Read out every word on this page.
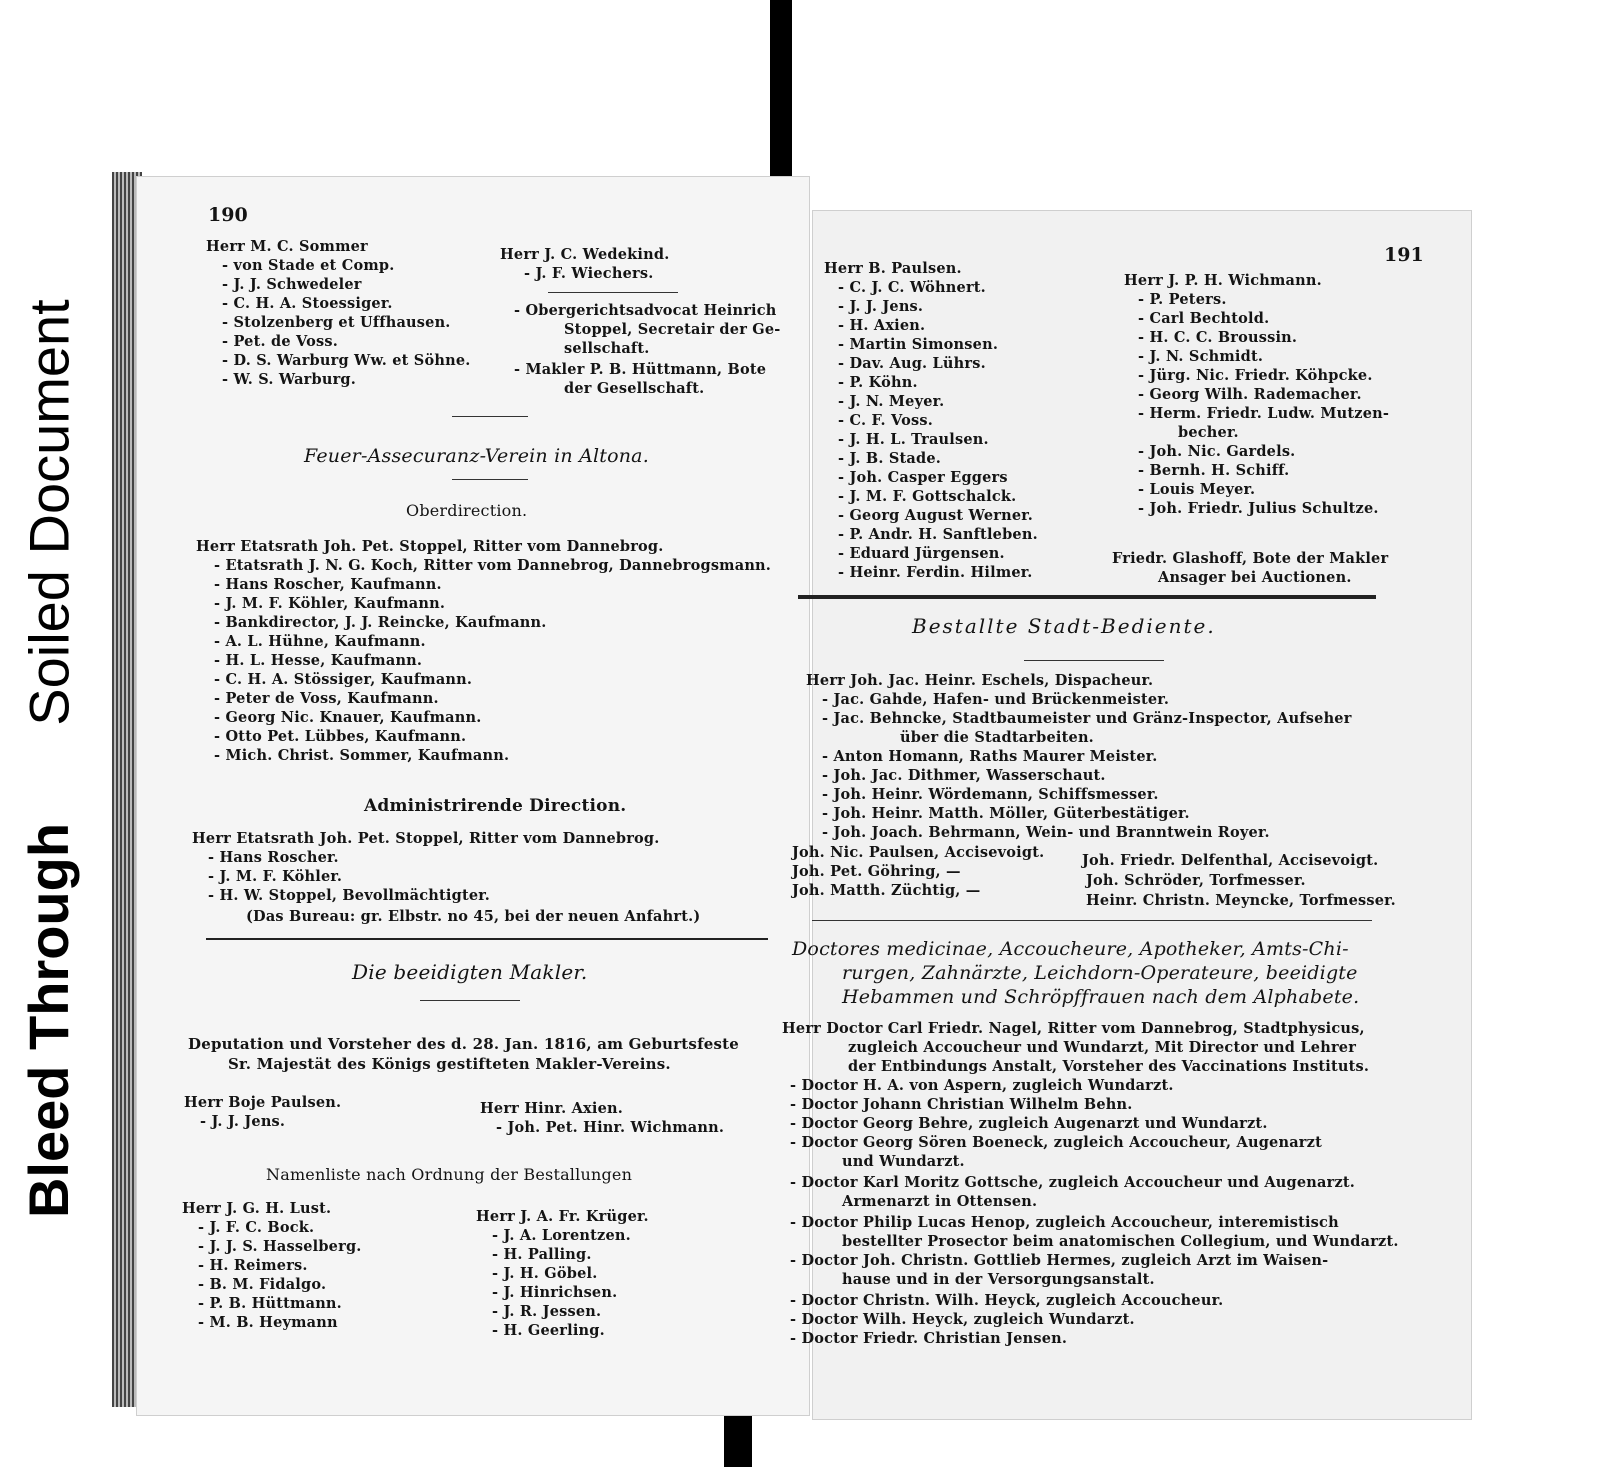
Soiled Document
Bleed Through
190
Herr M. C. Sommer
- von Stade et Comp.
- J. J. Schwedeler
- C. H. A. Stoessiger.
- Stolzenberg et Uffhausen.
- Pet. de Voss.
- D. S. Warburg Ww. et Söhne.
- W. S. Warburg.
Herr J. C. Wedekind.
- J. F. Wiechers.
- Obergerichtsadvocat Heinrich
Stoppel, Secretair der Ge-
sellschaft.
- Makler P. B. Hüttmann, Bote
der Gesellschaft.
Feuer-Assecuranz-Verein in Altona.
Oberdirection.
Herr Etatsrath Joh. Pet. Stoppel, Ritter vom Dannebrog.
- Etatsrath J. N. G. Koch, Ritter vom Dannebrog, Dannebrogsmann.
- Hans Roscher, Kaufmann.
- J. M. F. Köhler, Kaufmann.
- Bankdirector, J. J. Reincke, Kaufmann.
- A. L. Hühne, Kaufmann.
- H. L. Hesse, Kaufmann.
- C. H. A. Stössiger, Kaufmann.
- Peter de Voss, Kaufmann.
- Georg Nic. Knauer, Kaufmann.
- Otto Pet. Lübbes, Kaufmann.
- Mich. Christ. Sommer, Kaufmann.
Administrirende Direction.
Herr Etatsrath Joh. Pet. Stoppel, Ritter vom Dannebrog.
- Hans Roscher.
- J. M. F. Köhler.
- H. W. Stoppel, Bevollmächtigter.
(Das Bureau: gr. Elbstr. no 45, bei der neuen Anfahrt.)
Die beeidigten Makler.
Deputation und Vorsteher des d. 28. Jan. 1816, am Geburtsfeste
Sr. Majestät des Königs gestifteten Makler-Vereins.
Herr Boje Paulsen.
- J. J. Jens.
Herr Hinr. Axien.
- Joh. Pet. Hinr. Wichmann.
Namenliste nach Ordnung der Bestallungen
Herr J. G. H. Lust.
- J. F. C. Bock.
- J. J. S. Hasselberg.
- H. Reimers.
- B. M. Fidalgo.
- P. B. Hüttmann.
- M. B. Heymann
Herr J. A. Fr. Krüger.
- J. A. Lorentzen.
- H. Palling.
- J. H. Göbel.
- J. Hinrichsen.
- J. R. Jessen.
- H. Geerling.
191
Herr B. Paulsen.
- C. J. C. Wöhnert.
- J. J. Jens.
- H. Axien.
- Martin Simonsen.
- Dav. Aug. Lührs.
- P. Köhn.
- J. N. Meyer.
- C. F. Voss.
- J. H. L. Traulsen.
- J. B. Stade.
- Joh. Casper Eggers
- J. M. F. Gottschalck.
- Georg August Werner.
- P. Andr. H. Sanftleben.
- Eduard Jürgensen.
- Heinr. Ferdin. Hilmer.
Herr J. P. H. Wichmann.
- P. Peters.
- Carl Bechtold.
- H. C. C. Broussin.
- J. N. Schmidt.
- Jürg. Nic. Friedr. Köhpcke.
- Georg Wilh. Rademacher.
- Herm. Friedr. Ludw. Mutzen-
becher.
- Joh. Nic. Gardels.
- Bernh. H. Schiff.
- Louis Meyer.
- Joh. Friedr. Julius Schultze.
Friedr. Glashoff, Bote der Makler
Ansager bei Auctionen.
Bestallte Stadt-Bediente.
Herr Joh. Jac. Heinr. Eschels, Dispacheur.
- Jac. Gahde, Hafen- und Brückenmeister.
- Jac. Behncke, Stadtbaumeister und Gränz-Inspector, Aufseher
über die Stadtarbeiten.
- Anton Homann, Raths Maurer Meister.
- Joh. Jac. Dithmer, Wasserschaut.
- Joh. Heinr. Wördemann, Schiffsmesser.
- Joh. Heinr. Matth. Möller, Güterbestätiger.
- Joh. Joach. Behrmann, Wein- und Branntwein Royer.
Joh. Nic. Paulsen, Accisevoigt.
Joh. Pet. Göhring, —
Joh. Matth. Züchtig, —
Joh. Friedr. Delfenthal, Accisevoigt.
Joh. Schröder, Torfmesser.
Heinr. Christn. Meyncke, Torfmesser.
Doctores medicinae, Accoucheure, Apotheker, Amts-Chi-
rurgen, Zahnärzte, Leichdorn-Operateure, beeidigte
Hebammen und Schröpffrauen nach dem Alphabete.
Herr Doctor Carl Friedr. Nagel, Ritter vom Dannebrog, Stadtphysicus,
zugleich Accoucheur und Wundarzt, Mit Director und Lehrer
der Entbindungs Anstalt, Vorsteher des Vaccinations Instituts.
- Doctor H. A. von Aspern, zugleich Wundarzt.
- Doctor Johann Christian Wilhelm Behn.
- Doctor Georg Behre, zugleich Augenarzt und Wundarzt.
- Doctor Georg Sören Boeneck, zugleich Accoucheur, Augenarzt
und Wundarzt.
- Doctor Karl Moritz Gottsche, zugleich Accoucheur und Augenarzt.
Armenarzt in Ottensen.
- Doctor Philip Lucas Henop, zugleich Accoucheur, interemistisch
bestellter Prosector beim anatomischen Collegium, und Wundarzt.
- Doctor Joh. Christn. Gottlieb Hermes, zugleich Arzt im Waisen-
hause und in der Versorgungsanstalt.
- Doctor Christn. Wilh. Heyck, zugleich Accoucheur.
- Doctor Wilh. Heyck, zugleich Wundarzt.
- Doctor Friedr. Christian Jensen.
